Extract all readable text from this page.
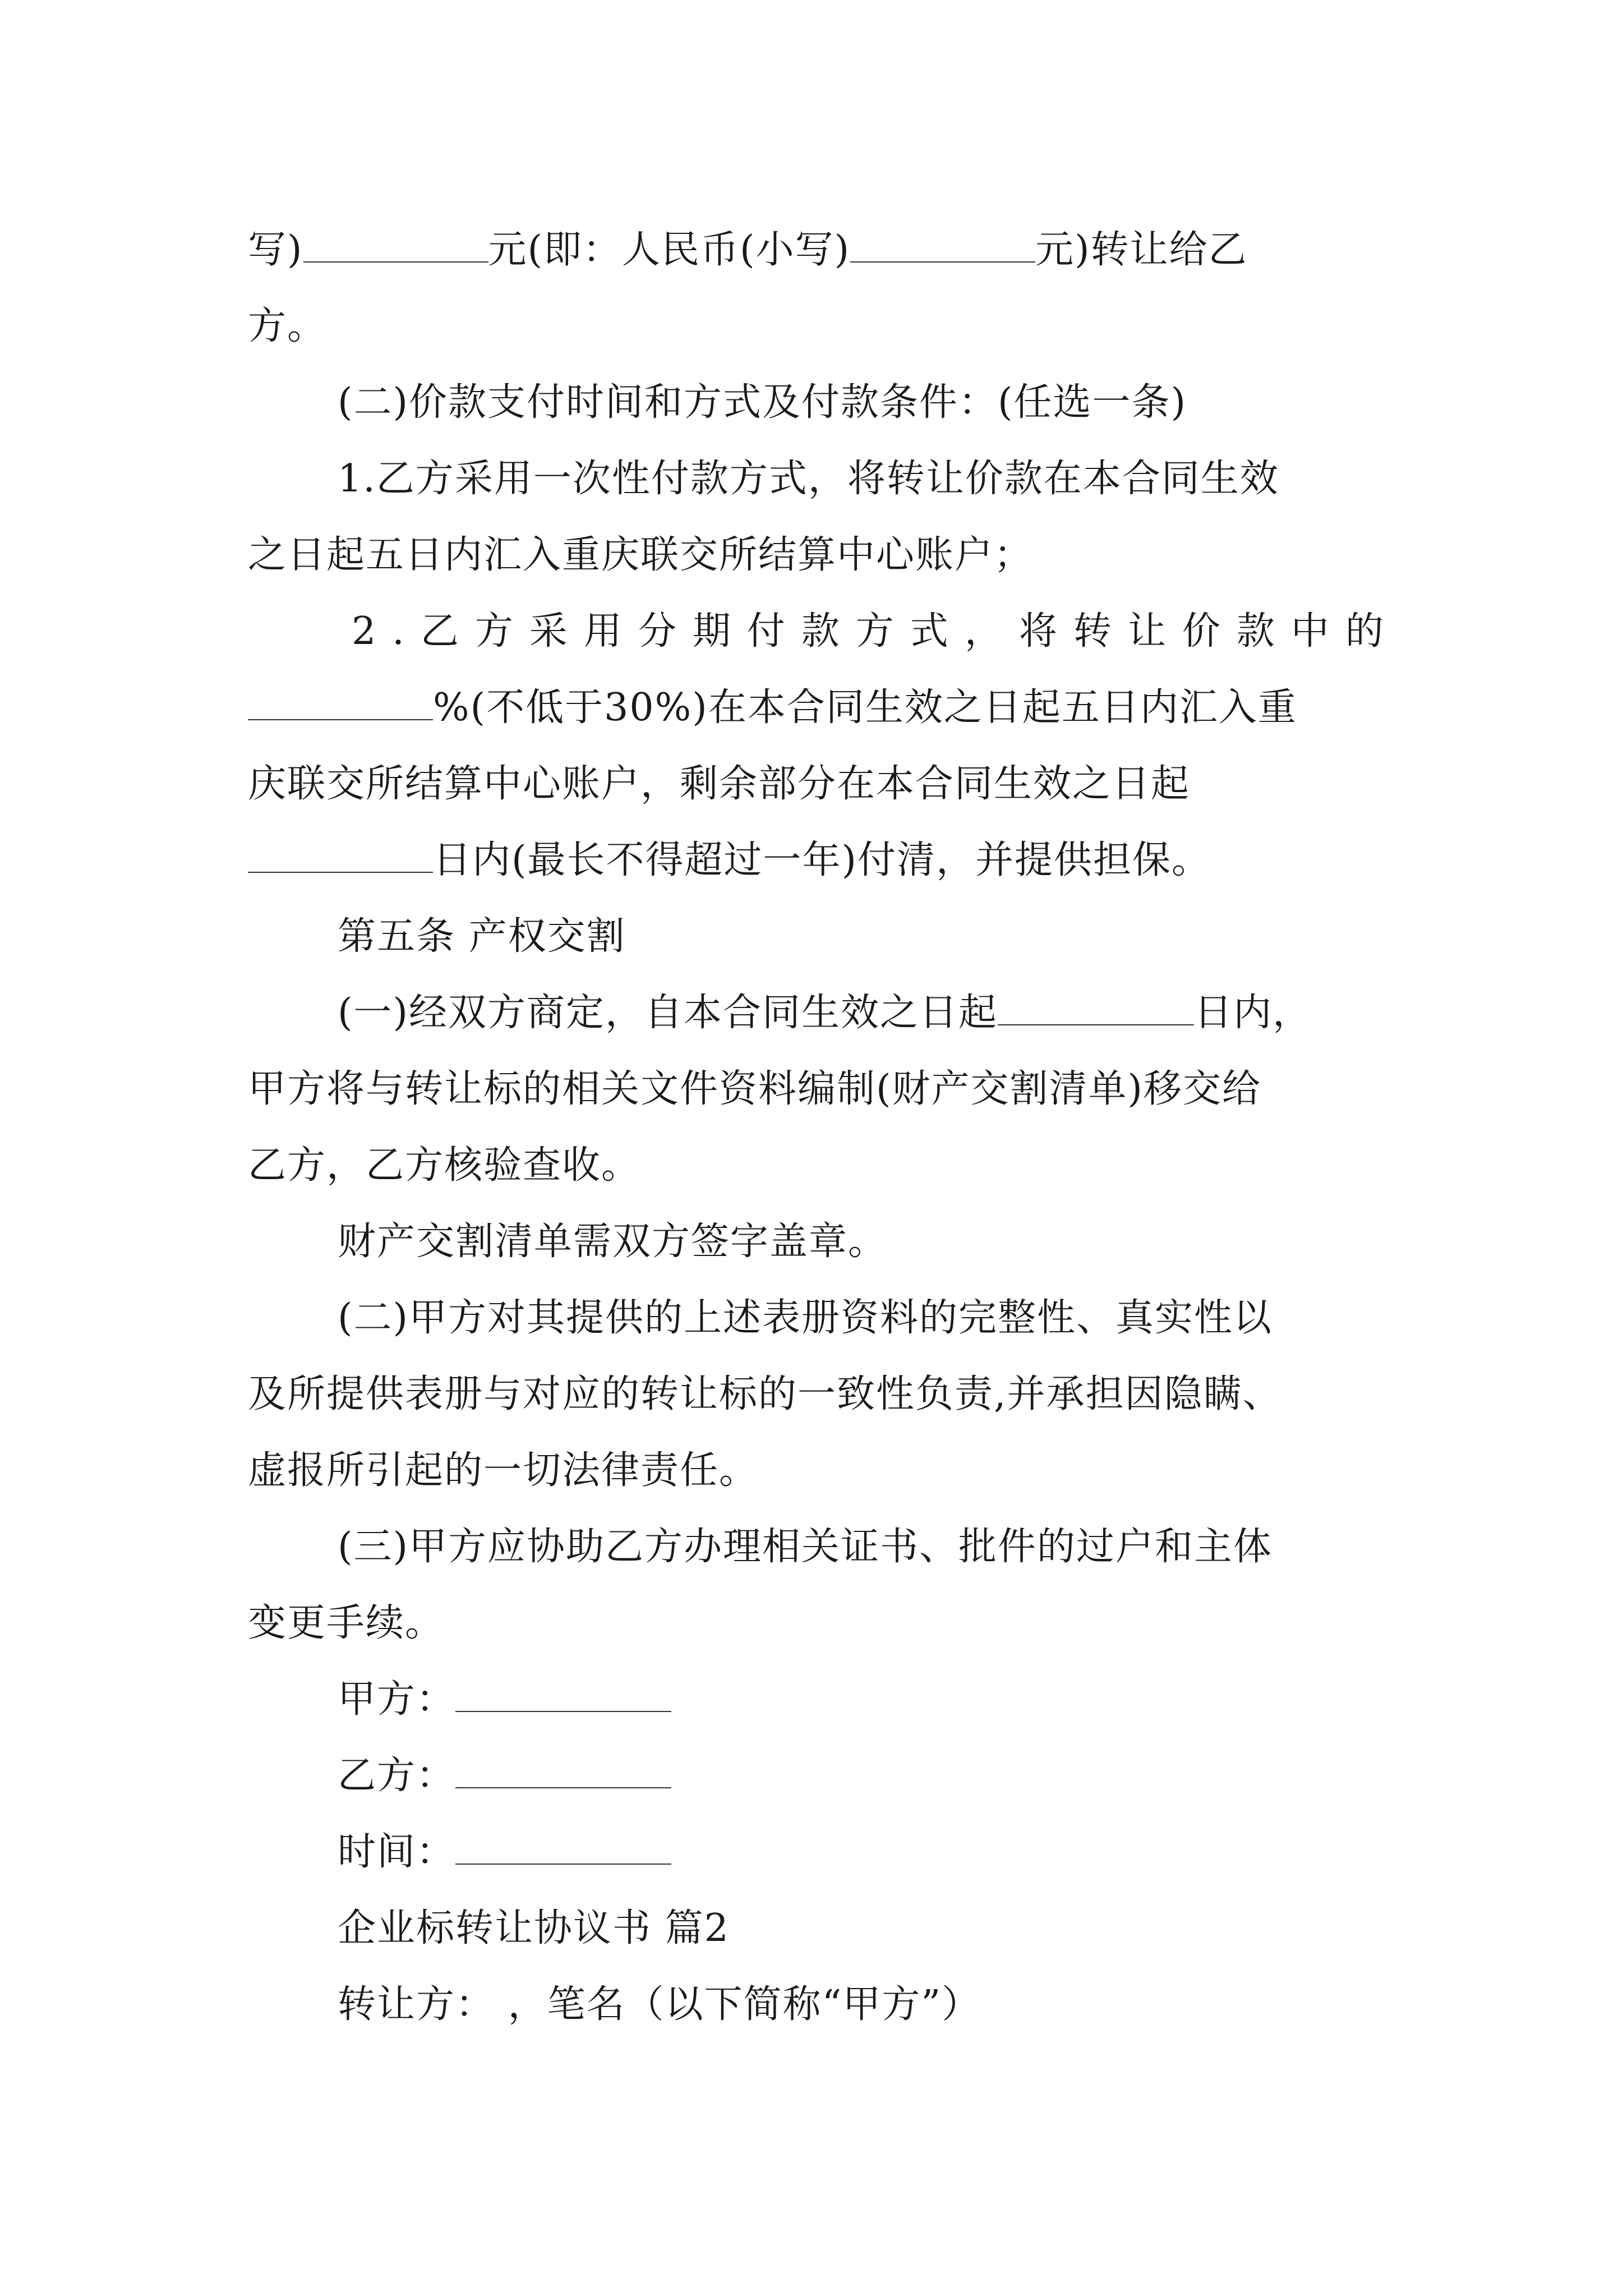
写)	元(即：人民币(小写)	元)转让给乙
方。
(二)价款支付时间和方式及付款条件：(任选一条)
1.乙方采用一次性付款方式，将转让价款在本合同生效
之日起五日内汇入重庆联交所结算中心账户；
2.乙方采用分期付款方式，将转让价款中的
%(不低于30%)在本合同生效之日起五日内汇入重
庆联交所结算中心账户，剩余部分在本合同生效之日起
日内(最长不得超过一年)付清，并提供担保。
第五条 产权交割
(一)经双方商定，自本合同生效之日起	日内，
甲方将与转让标的相关文件资料编制(财产交割清单)移交给
乙方，乙方核验查收。
财产交割清单需双方签字盖章。
(二)甲方对其提供的上述表册资料的完整性、真实性以
及所提供表册与对应的转让标的一致性负责,并承担因隐瞒、
虚报所引起的一切法律责任。
(三)甲方应协助乙方办理相关证书、批件的过户和主体
变更手续。
甲方：
乙方：
时间：
企业标转让协议书 篇2
转让方： ，笔名（以下简称“甲方”）
